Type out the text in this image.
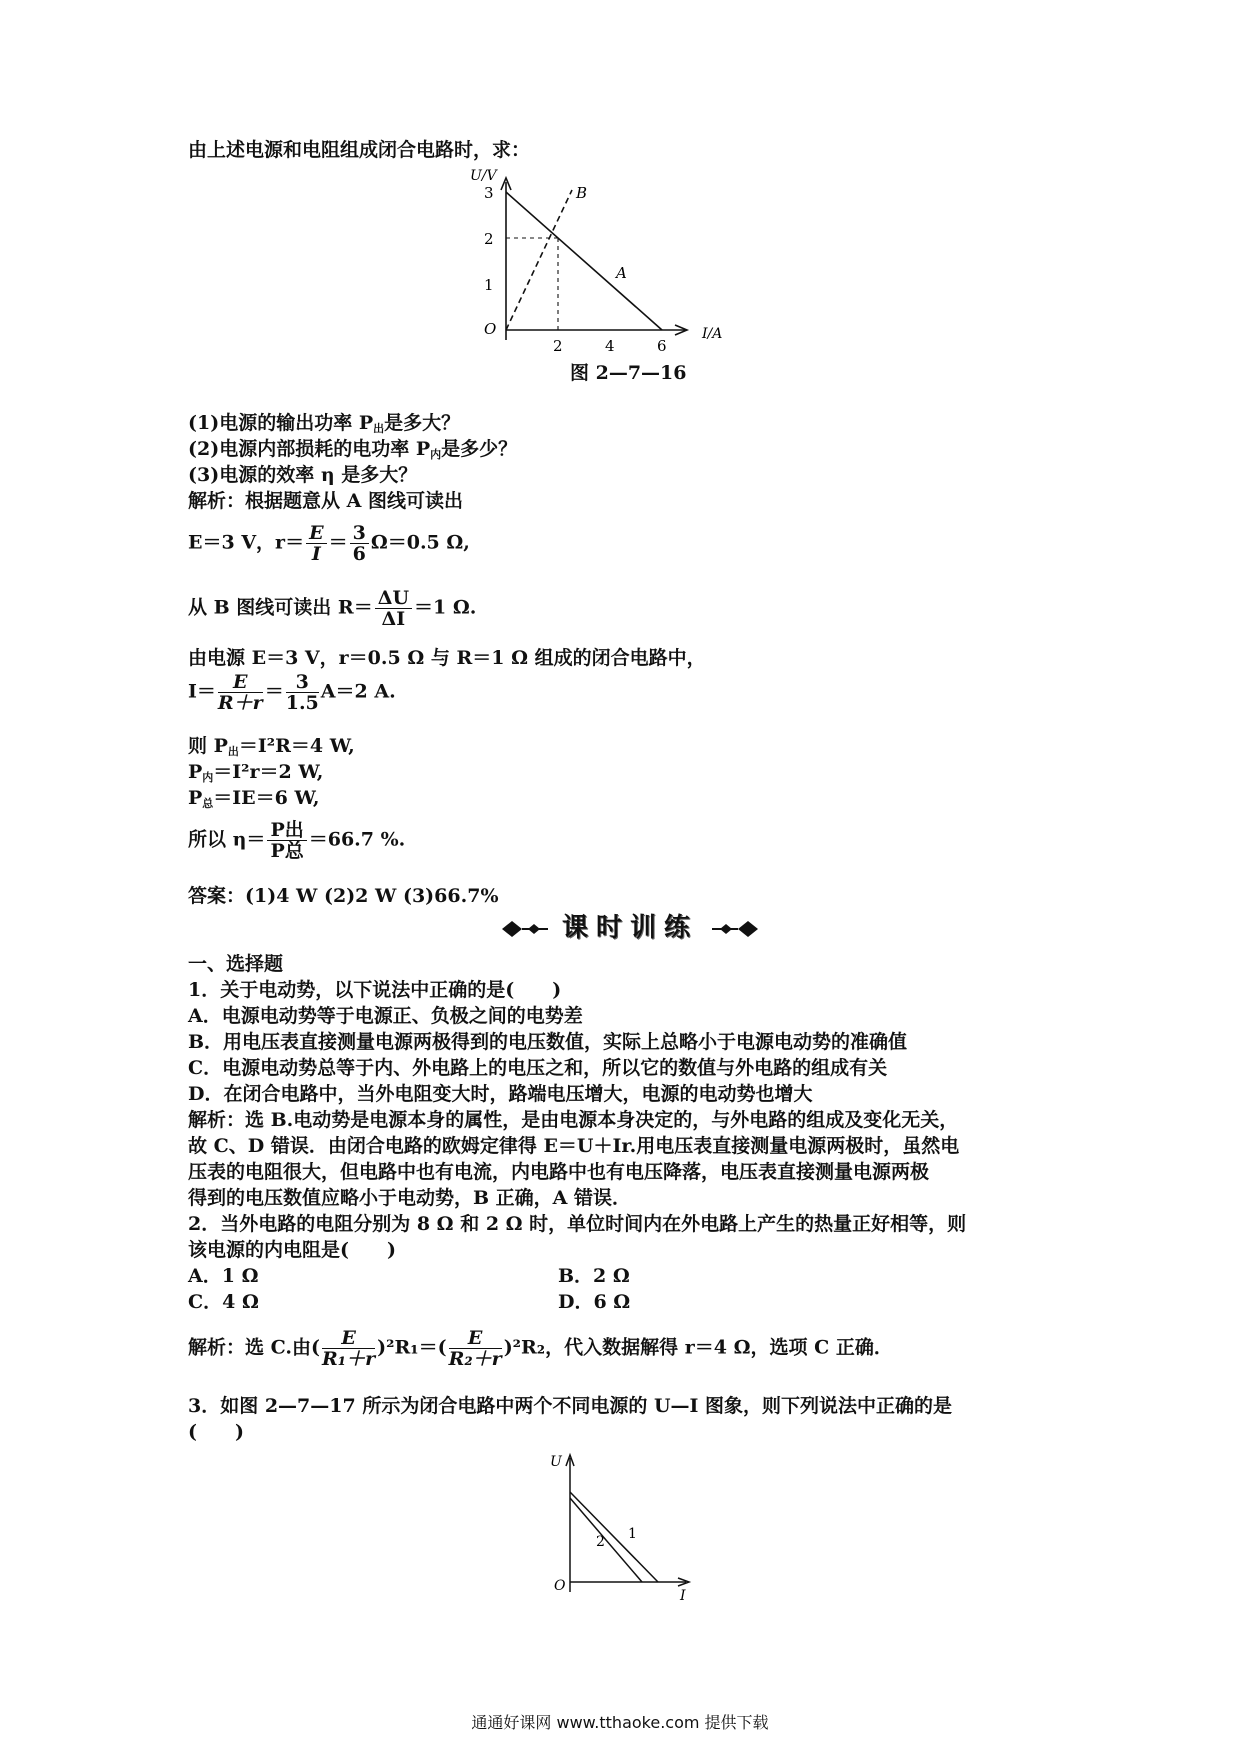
由上述电源和电阻组成闭合电路时，求：
U/V
I/A
O
3
2
1
2	4	6
A
B
图 2—7—16
(1)电源的输出功率 $P_出$是多大？
(2)电源内部损耗的电功率 $P_内$是多少？
(3)电源的效率 η 是多大？
解析：根据题意从 A 图线可读出
E＝3 V，$r= \frac{E}{I} = \frac{3}{6} \Omega=0.5$ Ω,
从 B 图线可读出 $R= \frac{\Delta U}{\Delta I} =1$ Ω.
由电源 E＝3 V，r＝0.5 Ω 与 R＝1 Ω 组成的闭合电路中，
$I= \frac{E}{R+r} = \frac{3}{1.5} A=2$ A.
则 $P_出=I^2R=4$ W,
$P_内=I^2r=2$ W,
$P_总=IE=6$ W,
所以 $\eta= \frac{\text{P出}}{\text{P总}} =66.7$ %.
答案：(1)4 W (2)2 W (3)66.7%
课时训练
一、选择题
1．关于电动势，以下说法中正确的是(　　)
A．电源电动势等于电源正、负极之间的电势差
B．用电压表直接测量电源两极得到的电压数值，实际上总略小于电源电动势的准确值
C．电源电动势总等于内、外电路上的电压之和，所以它的数值与外电路的组成有关
D．在闭合电路中，当外电阻变大时，路端电压增大，电源的电动势也增大
解析：选 B.电动势是电源本身的属性，是由电源本身决定的，与外电路的组成及变化无关，
故 C、D 错误．由闭合电路的欧姆定律得 E＝U＋Ir.用电压表直接测量电源两极时，虽然电
压表的电阻很大，但电路中也有电流，内电路中也有电压降落，电压表直接测量电源两极
得到的电压数值应略小于电动势，B 正确，A 错误．
2．当外电路的电阻分别为 8 Ω 和 2 Ω 时，单位时间内在外电路上产生的热量正好相等，则
该电源的内电阻是(　　)
A．1 Ω	B．2 Ω
C．4 Ω	D．6 Ω
解析：选 C.由( $\frac{E}{\text{R₁＋r}} )^2R_1=( \frac{E}{\text{R₂＋r}} )^2R_2$，代入数据解得 r＝4 Ω，选项 C 正确．
3．如图 2—7—17 所示为闭合电路中两个不同电源的 U—I 图象，则下列说法中正确的是
(　　)
U
I
O
1
2
通通好课网 www.tthaoke.com 提供下载
